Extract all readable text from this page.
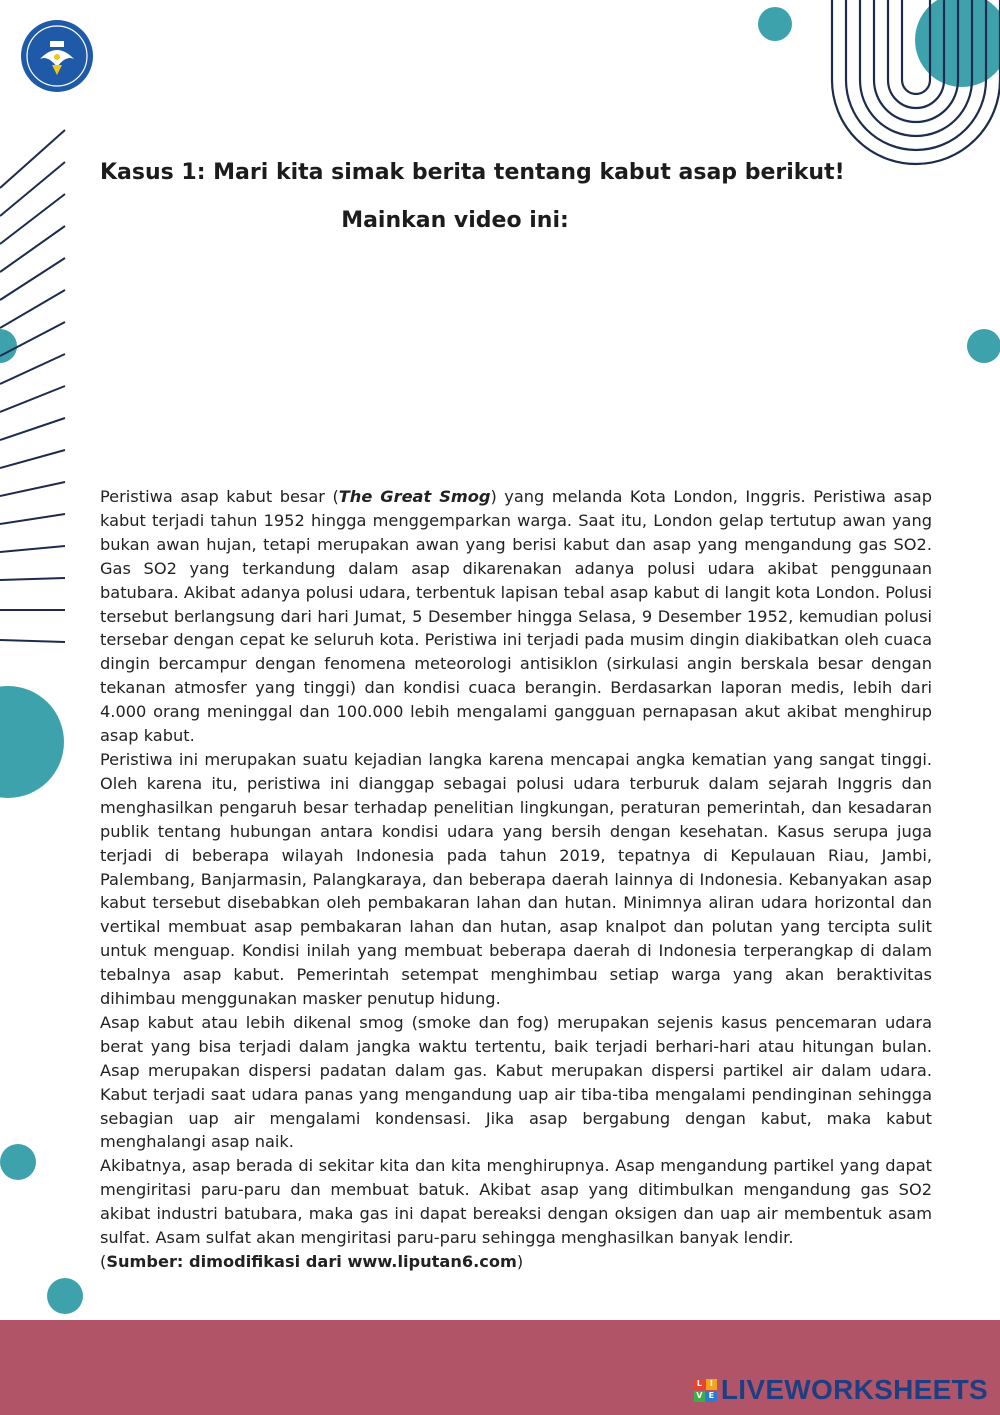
Kasus 1: Mari kita simak berita tentang kabut asap berikut!
Mainkan video ini:

Peristiwa asap kabut besar (The Great Smog) yang melanda Kota London, Inggris. Peristiwa asap kabut terjadi tahun 1952 hingga menggemparkan warga. Saat itu, London gelap tertutup awan yang bukan awan hujan, tetapi merupakan awan yang berisi kabut dan asap yang mengandung gas SO2. Gas SO2 yang terkandung dalam asap dikarenakan adanya polusi udara akibat penggunaan batubara. Akibat adanya polusi udara, terbentuk lapisan tebal asap kabut di langit kota London. Polusi tersebut berlangsung dari hari Jumat, 5 Desember hingga Selasa, 9 Desember 1952, kemudian polusi tersebar dengan cepat ke seluruh kota. Peristiwa ini terjadi pada musim dingin diakibatkan oleh cuaca dingin bercampur dengan fenomena meteorologi antisiklon (sirkulasi angin berskala besar dengan tekanan atmosfer yang tinggi) dan kondisi cuaca berangin. Berdasarkan laporan medis, lebih dari 4.000 orang meninggal dan 100.000 lebih mengalami gangguan pernapasan akut akibat menghirup asap kabut.

Peristiwa ini merupakan suatu kejadian langka karena mencapai angka kematian yang sangat tinggi. Oleh karena itu, peristiwa ini dianggap sebagai polusi udara terburuk dalam sejarah Inggris dan menghasilkan pengaruh besar terhadap penelitian lingkungan, peraturan pemerintah, dan kesadaran publik tentang hubungan antara kondisi udara yang bersih dengan kesehatan. Kasus serupa juga terjadi di beberapa wilayah Indonesia pada tahun 2019, tepatnya di Kepulauan Riau, Jambi, Palembang, Banjarmasin, Palangkaraya, dan beberapa daerah lainnya di Indonesia. Kebanyakan asap kabut tersebut disebabkan oleh pembakaran lahan dan hutan. Minimnya aliran udara horizontal dan vertikal membuat asap pembakaran lahan dan hutan, asap knalpot dan polutan yang tercipta sulit untuk menguap. Kondisi inilah yang membuat beberapa daerah di Indonesia terperangkap di dalam tebalnya asap kabut. Pemerintah setempat menghimbau setiap warga yang akan beraktivitas dihimbau menggunakan masker penutup hidung.

Asap kabut atau lebih dikenal smog (smoke dan fog) merupakan sejenis kasus pencemaran udara berat yang bisa terjadi dalam jangka waktu tertentu, baik terjadi berhari-hari atau hitungan bulan. Asap merupakan dispersi padatan dalam gas. Kabut merupakan dispersi partikel air dalam udara. Kabut terjadi saat udara panas yang mengandung uap air tiba-tiba mengalami pendinginan sehingga sebagian uap air mengalami kondensasi. Jika asap bergabung dengan kabut, maka kabut menghalangi asap naik.

Akibatnya, asap berada di sekitar kita dan kita menghirupnya. Asap mengandung partikel yang dapat mengiritasi paru-paru dan membuat batuk. Akibat asap yang ditimbulkan mengandung gas SO2 akibat industri batubara, maka gas ini dapat bereaksi dengan oksigen dan uap air membentuk asam sulfat. Asam sulfat akan mengiritasi paru-paru sehingga menghasilkan banyak lendir.

(Sumber: dimodifikasi dari www.liputan6.com)

L I
V E LIVEWORKSHEETS
